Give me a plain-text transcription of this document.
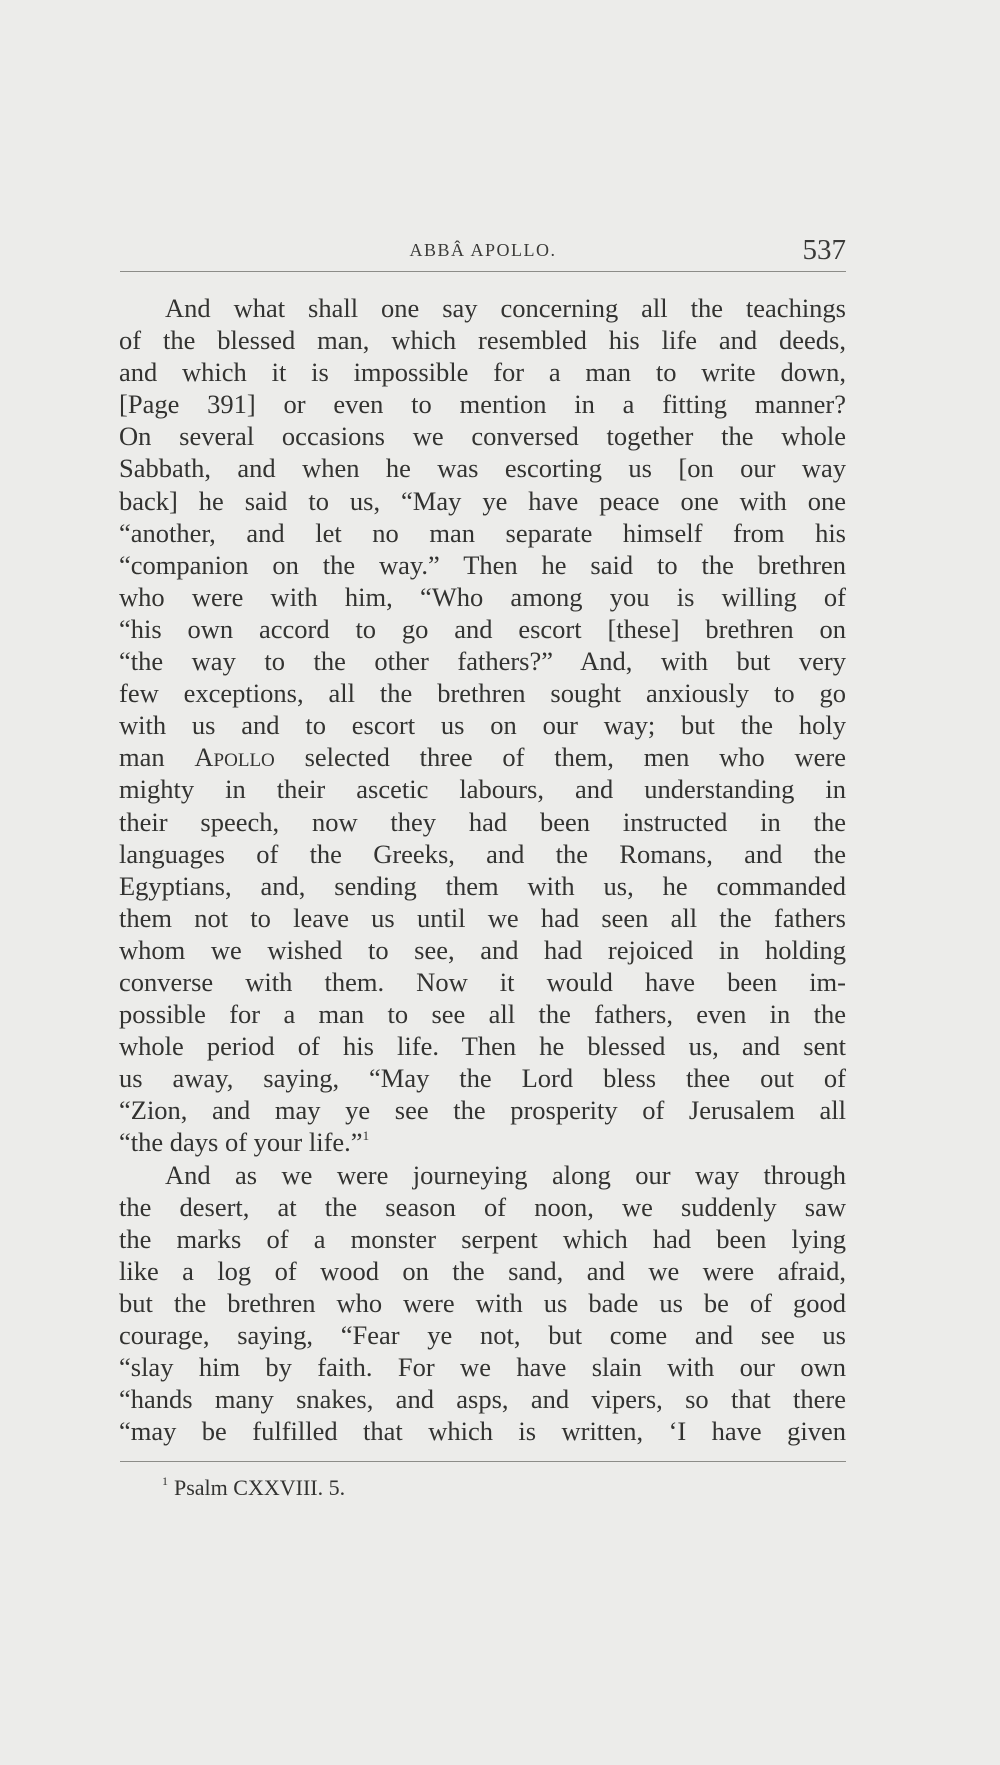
ABBÂ APOLLO.	537
And what shall one say concerning all the teachings
of the blessed man, which resembled his life and deeds,
and which it is impossible for a man to write down,
[Page 391] or even to mention in a fitting manner?
On several occasions we conversed together the whole
Sabbath, and when he was escorting us [on our way
back] he said to us, “May ye have peace one with one
“another, and let no man separate himself from his
“companion on the way.” Then he said to the brethren
who were with him, “Who among you is willing of
“his own accord to go and escort [these] brethren on
“the way to the other fathers?” And, with but very
few exceptions, all the brethren sought anxiously to go
with us and to escort us on our way; but the holy
man Apollo selected three of them, men who were
mighty in their ascetic labours, and understanding in
their speech, now they had been instructed in the
languages of the Greeks, and the Romans, and the
Egyptians, and, sending them with us, he commanded
them not to leave us until we had seen all the fathers
whom we wished to see, and had rejoiced in holding
converse with them. Now it would have been im-
possible for a man to see all the fathers, even in the
whole period of his life. Then he blessed us, and sent
us away, saying, “May the Lord bless thee out of
“Zion, and may ye see the prosperity of Jerusalem all
“the days of your life.”$^1$
And as we were journeying along our way through
the desert, at the season of noon, we suddenly saw
the marks of a monster serpent which had been lying
like a log of wood on the sand, and we were afraid,
but the brethren who were with us bade us be of good
courage, saying, “Fear ye not, but come and see us
“slay him by faith. For we have slain with our own
“hands many snakes, and asps, and vipers, so that there
“may be fulfilled that which is written, ‘I have given
$^1$ Psalm CXXVIII. 5.
